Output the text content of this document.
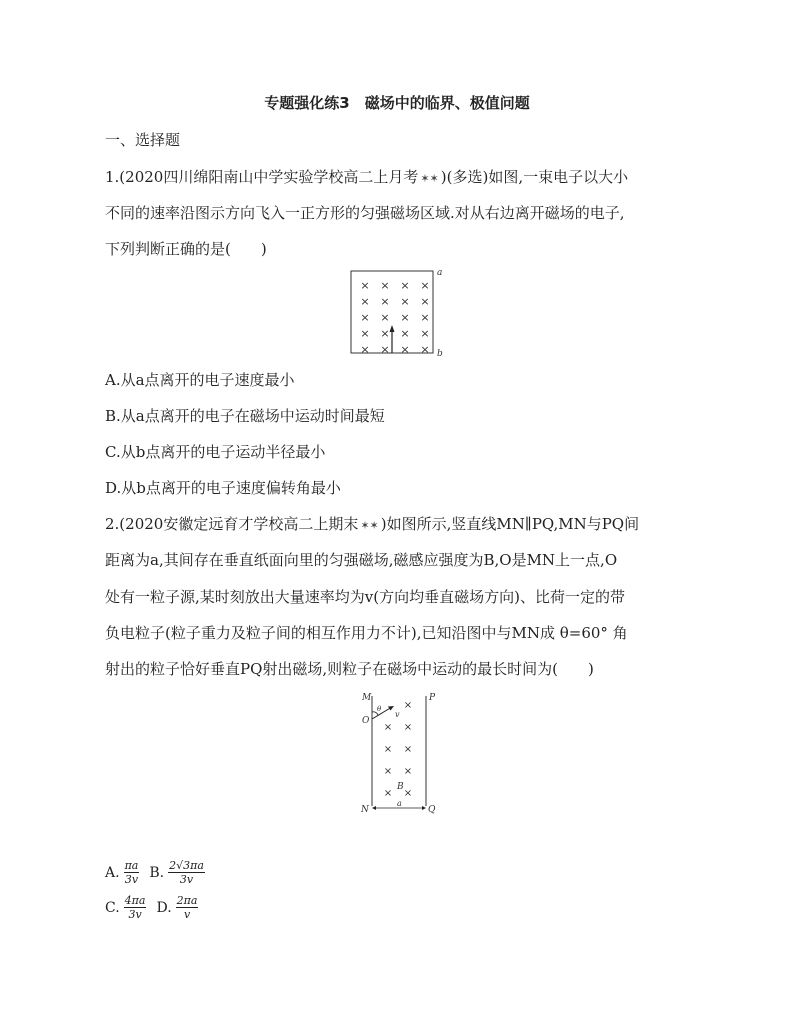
专题强化练3　磁场中的临界、极值问题
一、选择题
1.(2020四川绵阳南山中学实验学校高二上月考 ✶✶ )(多选)如图,一束电子以大小
不同的速率沿图示方向飞入一正方形的匀强磁场区域.对从右边离开磁场的电子,
下列判断正确的是(　　)
× × × ×
× × × ×
× × × ×
× × × ×
× × × ×
a
b
A.从a点离开的电子速度最小
B.从a点离开的电子在磁场中运动时间最短
C.从b点离开的电子运动半径最小
D.从b点离开的电子速度偏转角最小
2.(2020安徽定远育才学校高二上期末 ✶✶ )如图所示,竖直线MN∥PQ,MN与PQ间
距离为a,其间存在垂直纸面向里的匀强磁场,磁感应强度为B,O是MN上一点,O
处有一粒子源,某时刻放出大量速率均为v(方向均垂直磁场方向)、比荷一定的带
负电粒子(粒子重力及粒子间的相互作用力不计),已知沿图中与MN成 θ=60° 角
射出的粒子恰好垂直PQ射出磁场,则粒子在磁场中运动的最长时间为(　　)
×
× ×
× ×
× ×
× ×
M	P
O
θ
v
B
a
N	Q
A. $\frac{\pi a}{3v} B$. $\frac{2√3\pi a}{3v}$
C. $\frac{4\pi a}{3v} D$. $\frac{2\pi a}{v}$
